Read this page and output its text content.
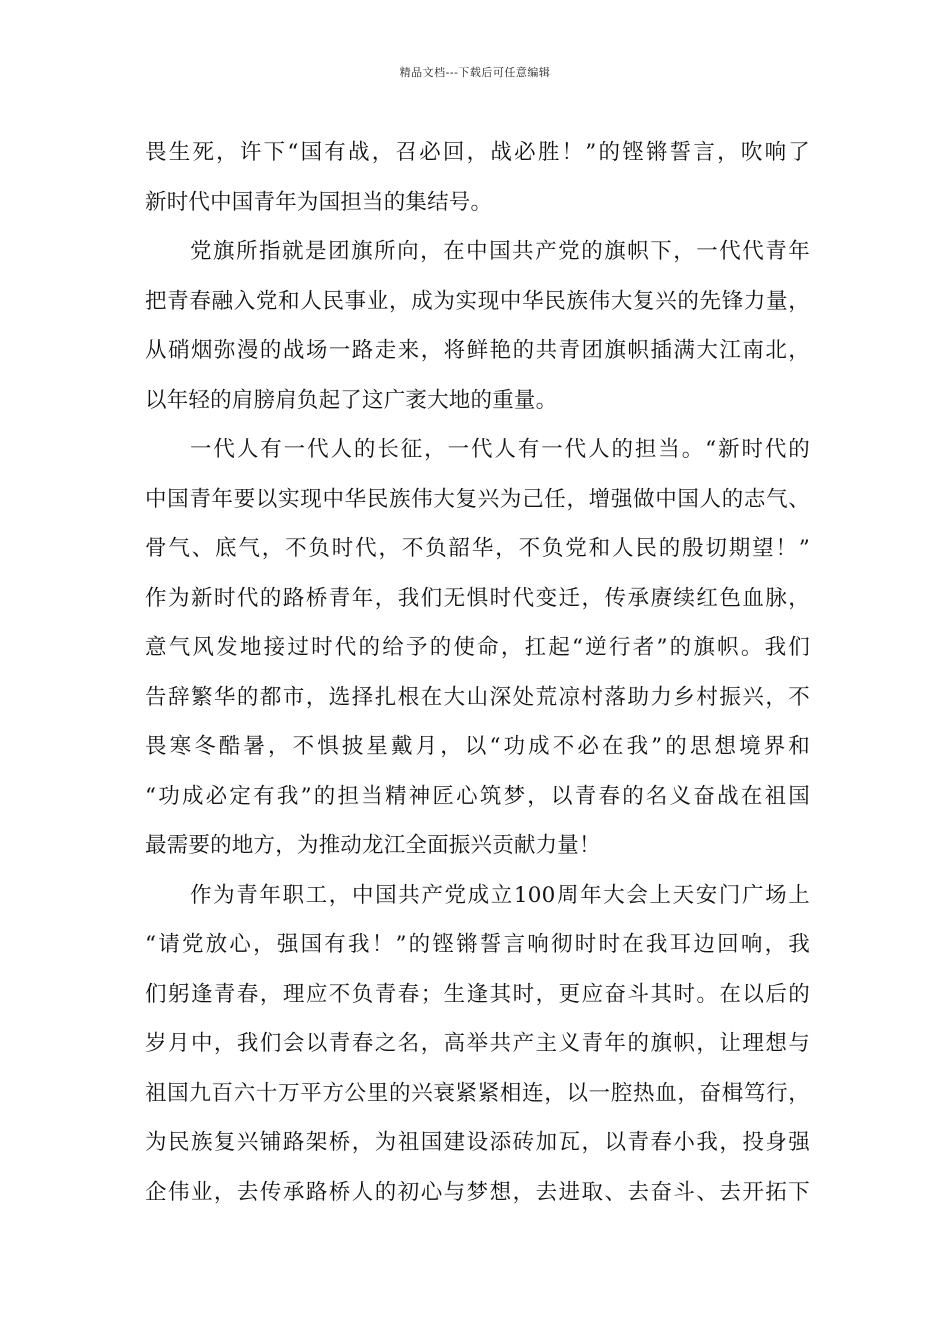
精品文档---下载后可任意编辑
畏生死，许下“国有战，召必回，战必胜！”的铿锵誓言，吹响了
新时代中国青年为国担当的集结号。
党旗所指就是团旗所向，在中国共产党的旗帜下，一代代青年
把青春融入党和人民事业，成为实现中华民族伟大复兴的先锋力量，
从硝烟弥漫的战场一路走来，将鲜艳的共青团旗帜插满大江南北，
以年轻的肩膀肩负起了这广袤大地的重量。
一代人有一代人的长征，一代人有一代人的担当。“新时代的
中国青年要以实现中华民族伟大复兴为己任，增强做中国人的志气、
骨气、底气，不负时代，不负韶华，不负党和人民的殷切期望！”
作为新时代的路桥青年，我们无惧时代变迁，传承赓续红色血脉，
意气风发地接过时代的给予的使命，扛起“逆行者”的旗帜。我们
告辞繁华的都市，选择扎根在大山深处荒凉村落助力乡村振兴，不
畏寒冬酷暑，不惧披星戴月，以“功成不必在我”的思想境界和
“功成必定有我”的担当精神匠心筑梦，以青春的名义奋战在祖国
最需要的地方，为推动龙江全面振兴贡献力量！
作为青年职工，中国共产党成立100周年大会上天安门广场上
“请党放心，强国有我！”的铿锵誓言响彻时时在我耳边回响，我
们躬逢青春，理应不负青春；生逢其时，更应奋斗其时。在以后的
岁月中，我们会以青春之名，高举共产主义青年的旗帜，让理想与
祖国九百六十万平方公里的兴衰紧紧相连，以一腔热血，奋楫笃行，
为民族复兴铺路架桥，为祖国建设添砖加瓦，以青春小我，投身强
企伟业，去传承路桥人的初心与梦想，去进取、去奋斗、去开拓下
